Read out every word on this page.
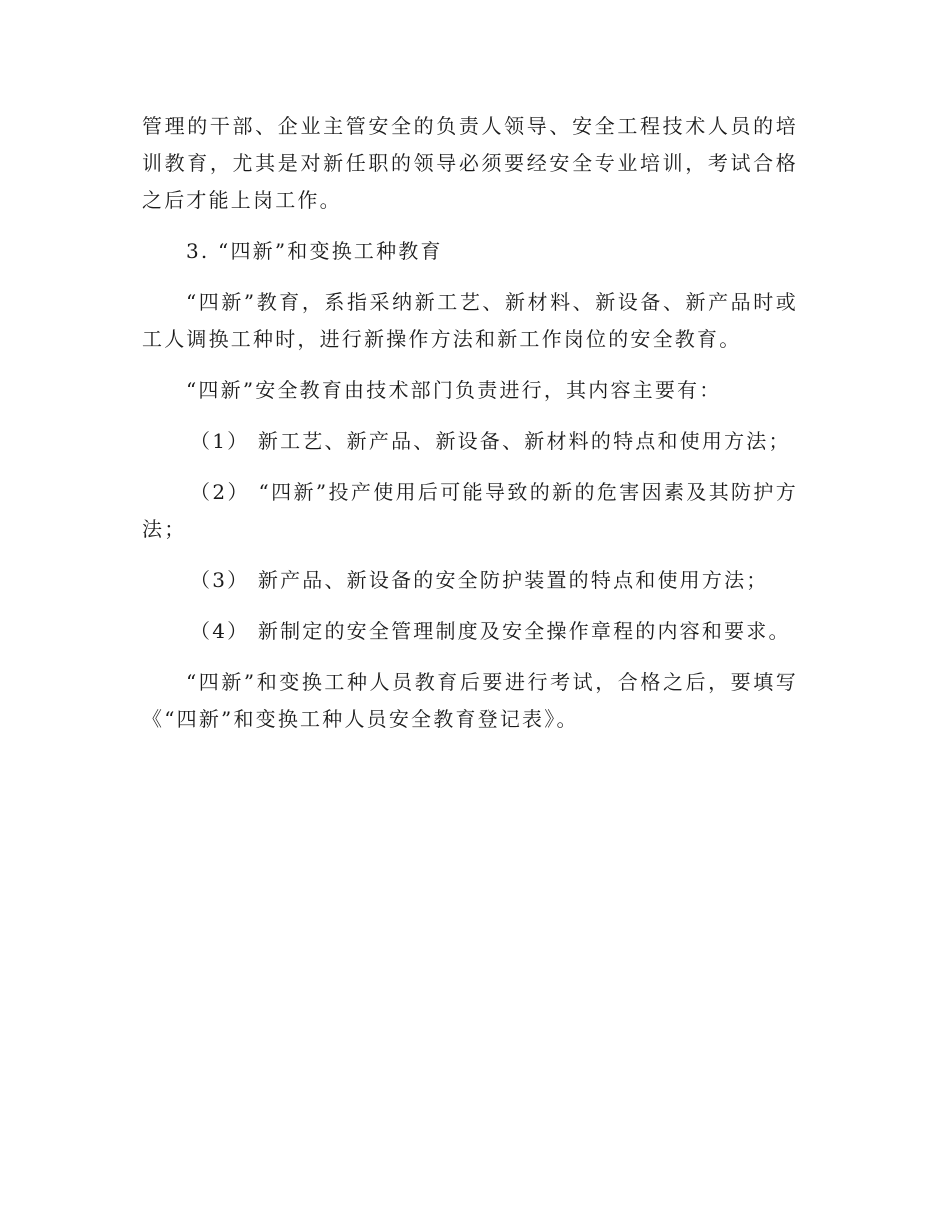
管理的干部、企业主管安全的负责人领导、安全工程技术人员的培训教育，尤其是对新任职的领导必须要经安全专业培训，考试合格之后才能上岗工作。

3. “四新”和变换工种教育

“四新”教育，系指采纳新工艺、新材料、新设备、新产品时或工人调换工种时，进行新操作方法和新工作岗位的安全教育。

“四新”安全教育由技术部门负责进行，其内容主要有：

（1） 新工艺、新产品、新设备、新材料的特点和使用方法；

（2） “四新”投产使用后可能导致的新的危害因素及其防护方法；

（3） 新产品、新设备的安全防护装置的特点和使用方法；

（4） 新制定的安全管理制度及安全操作章程的内容和要求。

“四新”和变换工种人员教育后要进行考试，合格之后，要填写《“四新”和变换工种人员安全教育登记表》。
